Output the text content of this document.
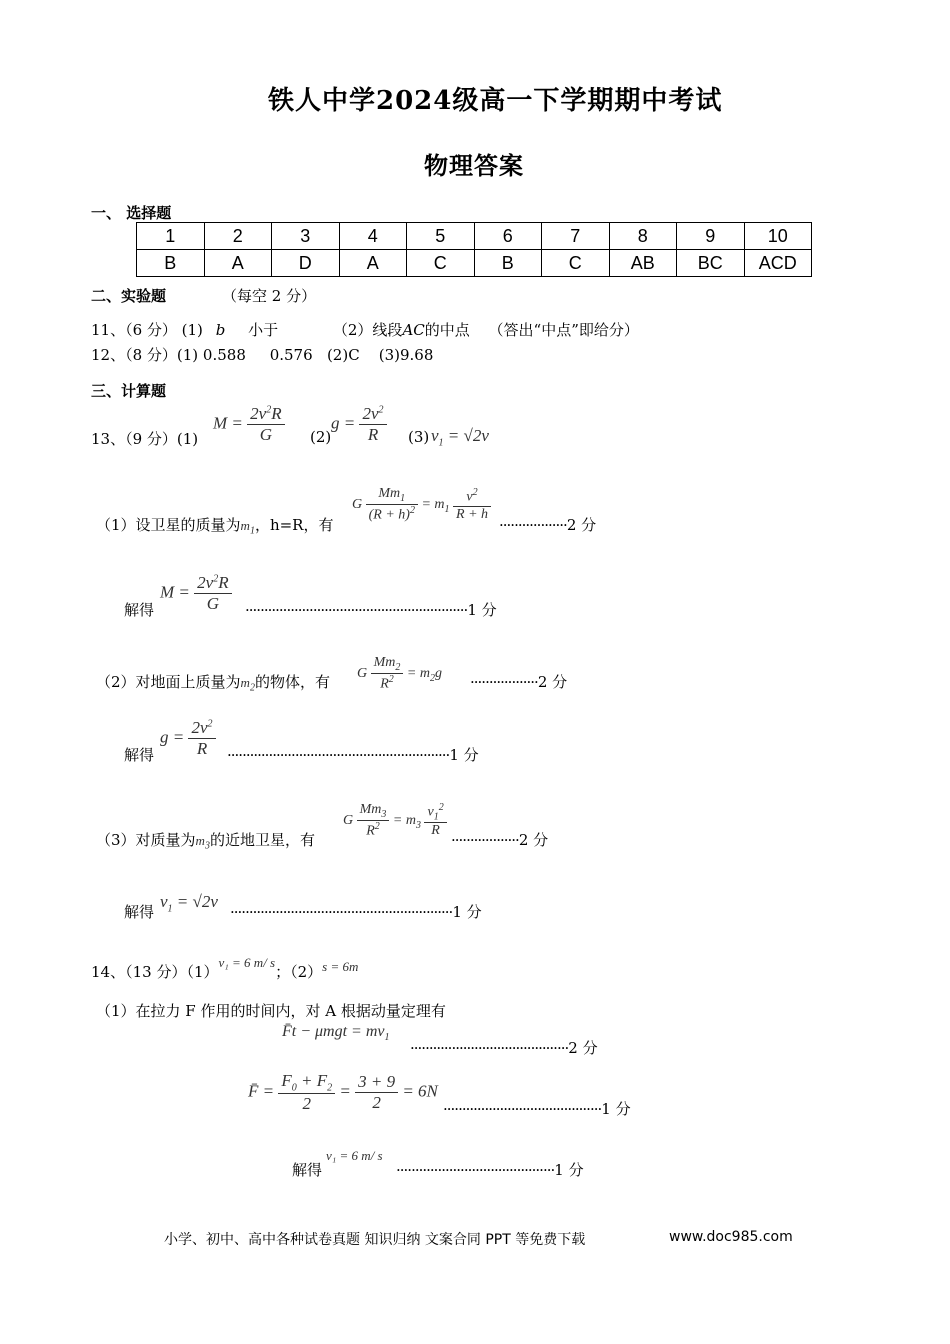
铁人中学2024级高一下学期期中考试
物理答案
一、 选择题
1	2	3	4	5	6	7	8	9	10
B	A	D	A	C	B	C	AB	BC	ACD
二、实验题	（每空 2 分）
11、（6 分） (1) b 小于	（2）线段AC的中点 （答出“中点”即给分）
12、（8 分）(1) 0.588     0.576   (2)C    (3)9.68
三、计算题
13、（9 分）(1)
$M = \frac{2v^2R}{G} (2)$
$g = \frac{2v^2}{R} (3) v_1 = √2v$
（1）设卫星的质量为$m_1$，h=R，有
G $\frac{Mm_1}{(R + h)^2} = m_1 \frac{v^2}{R + h}$
··················2 分
解得
$M = \frac{2v^2R}{G} \cdot\cdot\cdot\cdot\cdot\cdot\cdot\cdot\cdot\cdot\cdot\cdot\cdot\cdot\cdot\cdot\cdot\cdot\cdot\cdot\cdot\cdot\cdot\cdot\cdot\cdot\cdot\cdot\cdot\cdot\cdot\cdot\cdot\cdot\cdot\cdot\cdot\cdot\cdot\cdot\cdot\cdot\cdot\cdot\cdot\cdot\cdot\cdot\cdot\cdot\cdot\cdot\cdot\cdot\cdot\cdot\cdot\cdot\cdot 1$ 分
（2）对地面上质量为$m_2$的物体，有 G $\frac{Mm_2}{R^2} = m_2g \cdot\cdot\cdot\cdot\cdot\cdot\cdot\cdot\cdot\cdot\cdot\cdot\cdot\cdot\cdot\cdot\cdot\cdot 2$ 分
解得
$g = \frac{2v^2}{R} \cdot\cdot\cdot\cdot\cdot\cdot\cdot\cdot\cdot\cdot\cdot\cdot\cdot\cdot\cdot\cdot\cdot\cdot\cdot\cdot\cdot\cdot\cdot\cdot\cdot\cdot\cdot\cdot\cdot\cdot\cdot\cdot\cdot\cdot\cdot\cdot\cdot\cdot\cdot\cdot\cdot\cdot\cdot\cdot\cdot\cdot\cdot\cdot\cdot\cdot\cdot\cdot\cdot\cdot\cdot\cdot\cdot\cdot\cdot 1$ 分
（3）对质量为$m_3$的近地卫星，有
G $\frac{Mm_3}{R^2} = m_3 \frac{v_1^2}{R}$
··················2 分
解得
$v_1 = √2v$
···························································1 分
14、（13 分）（1）v₁ = 6 m/ s；（2）s = 6m
（1）在拉力 F 作用的时间内，对 A 根据动量定理有
F̄t − $\mu mgt = mv_1$
··········································2 分
F̄ = $\frac{F_0 + F_2}{2} = \frac{3 + 9}{2} = 6N$
··········································1 分
解得
v₁ = 6 m/ s
··········································1 分
小学、初中、高中各种试卷真题 知识归纳 文案合同 PPT 等免费下载	www.doc985.com
